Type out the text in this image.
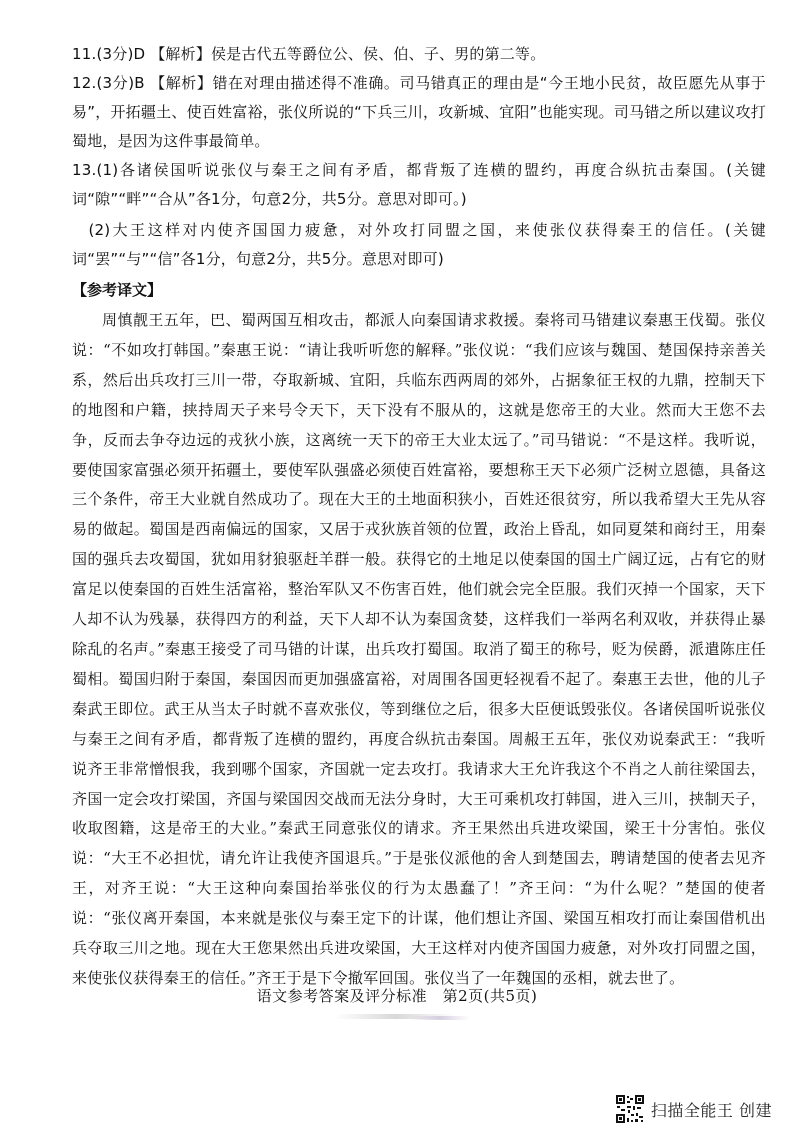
11.(3分)D 【解析】侯是古代五等爵位公、侯、伯、子、男的第二等。

12.(3分)B 【解析】错在对理由描述得不准确。司马错真正的理由是“今王地小民贫，故臣愿先从事于易”，开拓疆土、使百姓富裕，张仪所说的“下兵三川，攻新城、宜阳”也能实现。司马错之所以建议攻打蜀地，是因为这件事最简单。

13.(1)各诸侯国听说张仪与秦王之间有矛盾，都背叛了连横的盟约，再度合纵抗击秦国。(关键词“隙”“畔”“合从”各1分，句意2分，共5分。意思对即可。)

(2)大王这样对内使齐国国力疲惫，对外攻打同盟之国，来使张仪获得秦王的信任。(关键词“罢”“与”“信”各1分，句意2分，共5分。意思对即可)

【参考译文】

周慎靓王五年，巴、蜀两国互相攻击，都派人向秦国请求救援。秦将司马错建议秦惠王伐蜀。张仪说：“不如攻打韩国。”秦惠王说：“请让我听听您的解释。”张仪说：“我们应该与魏国、楚国保持亲善关系，然后出兵攻打三川一带，夺取新城、宜阳，兵临东西两周的郊外，占据象征王权的九鼎，控制天下的地图和户籍，挟持周天子来号令天下，天下没有不服从的，这就是您帝王的大业。然而大王您不去争，反而去争夺边远的戎狄小族，这离统一天下的帝王大业太远了。”司马错说：“不是这样。我听说，要使国家富强必须开拓疆土，要使军队强盛必须使百姓富裕，要想称王天下必须广泛树立恩德，具备这三个条件，帝王大业就自然成功了。现在大王的土地面积狭小，百姓还很贫穷，所以我希望大王先从容易的做起。蜀国是西南偏远的国家，又居于戎狄族首领的位置，政治上昏乱，如同夏桀和商纣王，用秦国的强兵去攻蜀国，犹如用豺狼驱赶羊群一般。获得它的土地足以使秦国的国土广阔辽远，占有它的财富足以使秦国的百姓生活富裕，整治军队又不伤害百姓，他们就会完全臣服。我们灭掉一个国家，天下人却不认为残暴，获得四方的利益，天下人却不认为秦国贪婪，这样我们一举两名利双收，并获得止暴除乱的名声。”秦惠王接受了司马错的计谋，出兵攻打蜀国。取消了蜀王的称号，贬为侯爵，派遣陈庄任蜀相。蜀国归附于秦国，秦国因而更加强盛富裕，对周围各国更轻视看不起了。秦惠王去世，他的儿子秦武王即位。武王从当太子时就不喜欢张仪，等到继位之后，很多大臣便诋毁张仪。各诸侯国听说张仪与秦王之间有矛盾，都背叛了连横的盟约，再度合纵抗击秦国。周赧王五年，张仪劝说秦武王：“我听说齐王非常憎恨我，我到哪个国家，齐国就一定去攻打。我请求大王允许我这个不肖之人前往梁国去，齐国一定会攻打梁国，齐国与梁国因交战而无法分身时，大王可乘机攻打韩国，进入三川，挟制天子，收取图籍，这是帝王的大业。”秦武王同意张仪的请求。齐王果然出兵进攻梁国，梁王十分害怕。张仪说：“大王不必担忧，请允许让我使齐国退兵。”于是张仪派他的舍人到楚国去，聘请楚国的使者去见齐王，对齐王说：“大王这种向秦国抬举张仪的行为太愚蠢了！”齐王问：“为什么呢？”楚国的使者说：“张仪离开秦国，本来就是张仪与秦王定下的计谋，他们想让齐国、梁国互相攻打而让秦国借机出兵夺取三川之地。现在大王您果然出兵进攻梁国，大王这样对内使齐国国力疲惫，对外攻打同盟之国，来使张仪获得秦王的信任。”齐王于是下令撤军回国。张仪当了一年魏国的丞相，就去世了。

语文参考答案及评分标准　第2页(共5页)
扫描全能王 创建
